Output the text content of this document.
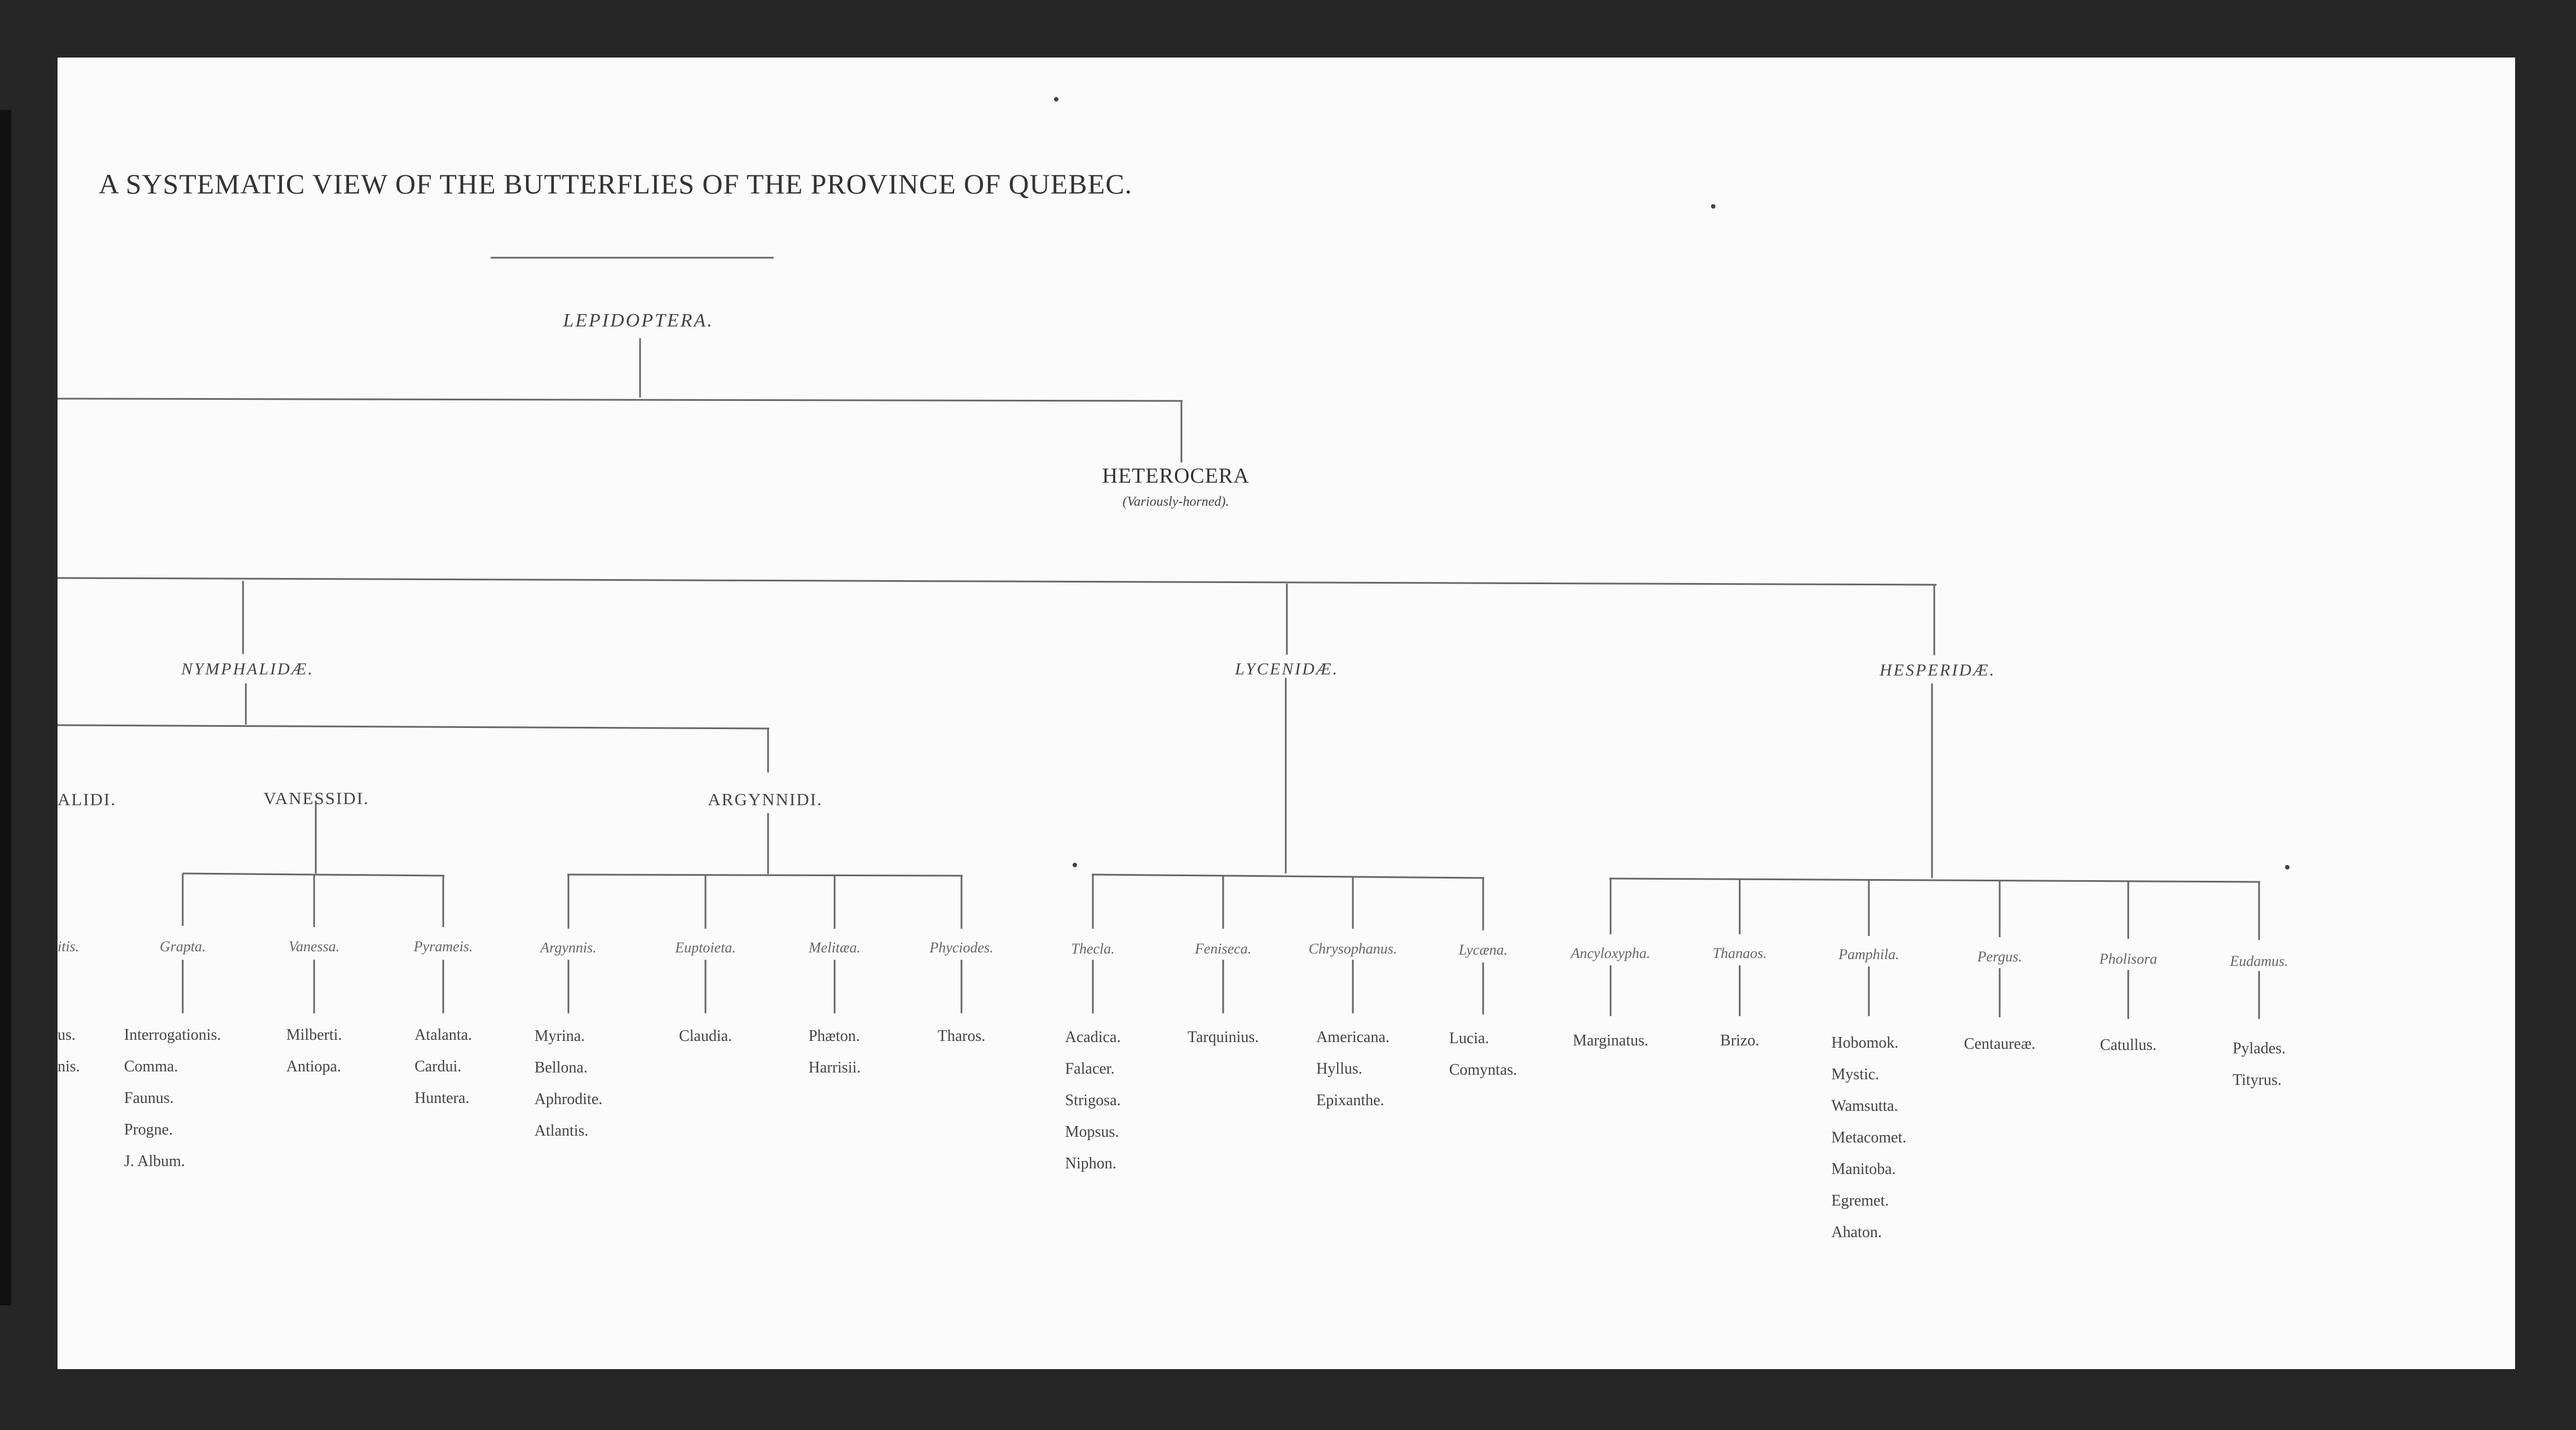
A SYSTEMATIC VIEW OF THE BUTTERFLIES OF THE PROVINCE OF QUEBEC.
LEPIDOPTERA.
HETEROCERA
(Variously-horned).
NYMPHALIDÆ.	LYCENIDÆ.	HESPERIDÆ.
ALIDI.	VANESSIDI.	ARGYNNIDI.
itis.
us.
nis.
Grapta.
Interrogationis.
Comma.
Faunus.
Progne.
J. Album.
Vanessa.
Milberti.
Antiopa.
Pyrameis.
Atalanta.
Cardui.
Huntera.
Argynnis.
Myrina.
Bellona.
Aphrodite.
Atlantis.
Euptoieta.
Claudia.
Melitæa.
Phæton.
Harrisii.
Phyciodes.
Tharos.
Thecla.
Acadica.
Falacer.
Strigosa.
Mopsus.
Niphon.
Feniseca.
Tarquinius.
Chrysophanus.
Americana.
Hyllus.
Epixanthe.
Lycæna.
Lucia.
Comyntas.
Ancyloxypha.
Marginatus.
Thanaos.
Brizo.
Pamphila.
Hobomok.
Mystic.
Wamsutta.
Metacomet.
Manitoba.
Egremet.
Ahaton.
Pergus.
Centaureæ.
Pholisora
Catullus.
Eudamus.
Pylades.
Tityrus.
